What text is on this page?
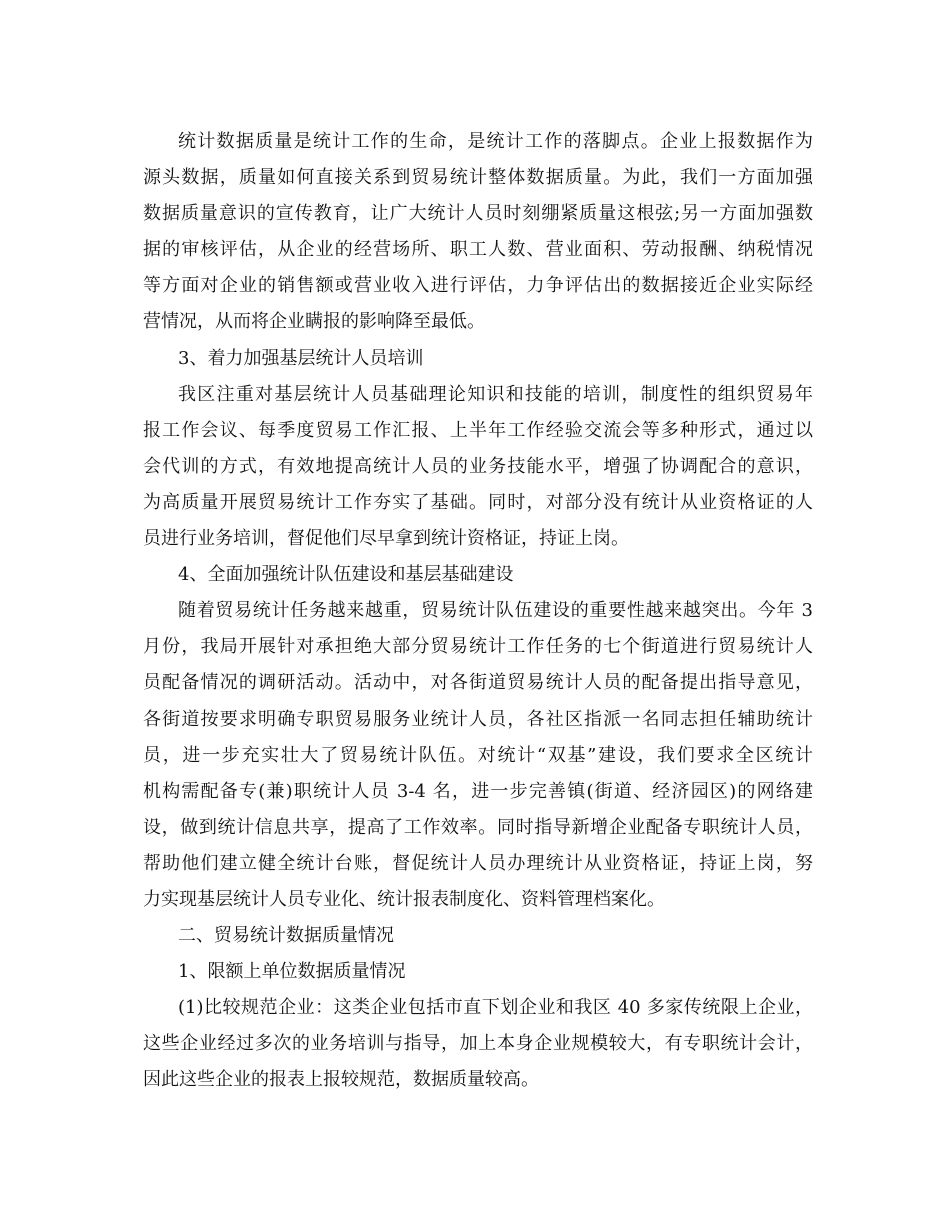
统计数据质量是统计工作的生命，是统计工作的落脚点。企业上报数据作为
源头数据，质量如何直接关系到贸易统计整体数据质量。为此，我们一方面加强
数据质量意识的宣传教育，让广大统计人员时刻绷紧质量这根弦;另一方面加强数
据的审核评估，从企业的经营场所、职工人数、营业面积、劳动报酬、纳税情况
等方面对企业的销售额或营业收入进行评估，力争评估出的数据接近企业实际经
营情况，从而将企业瞒报的影响降至最低。
3、着力加强基层统计人员培训
我区注重对基层统计人员基础理论知识和技能的培训，制度性的组织贸易年
报工作会议、每季度贸易工作汇报、上半年工作经验交流会等多种形式，通过以
会代训的方式，有效地提高统计人员的业务技能水平，增强了协调配合的意识，
为高质量开展贸易统计工作夯实了基础。同时，对部分没有统计从业资格证的人
员进行业务培训，督促他们尽早拿到统计资格证，持证上岗。
4、全面加强统计队伍建设和基层基础建设
随着贸易统计任务越来越重，贸易统计队伍建设的重要性越来越突出。今年 3
月份，我局开展针对承担绝大部分贸易统计工作任务的七个街道进行贸易统计人
员配备情况的调研活动。活动中，对各街道贸易统计人员的配备提出指导意见，
各街道按要求明确专职贸易服务业统计人员，各社区指派一名同志担任辅助统计
员，进一步充实壮大了贸易统计队伍。对统计“双基”建设，我们要求全区统计
机构需配备专(兼)职统计人员 3-4 名，进一步完善镇(街道、经济园区)的网络建
设，做到统计信息共享，提高了工作效率。同时指导新增企业配备专职统计人员，
帮助他们建立健全统计台账，督促统计人员办理统计从业资格证，持证上岗，努
力实现基层统计人员专业化、统计报表制度化、资料管理档案化。
二、贸易统计数据质量情况
1、限额上单位数据质量情况
(1)比较规范企业：这类企业包括市直下划企业和我区 40 多家传统限上企业，
这些企业经过多次的业务培训与指导，加上本身企业规模较大，有专职统计会计，
因此这些企业的报表上报较规范，数据质量较高。
